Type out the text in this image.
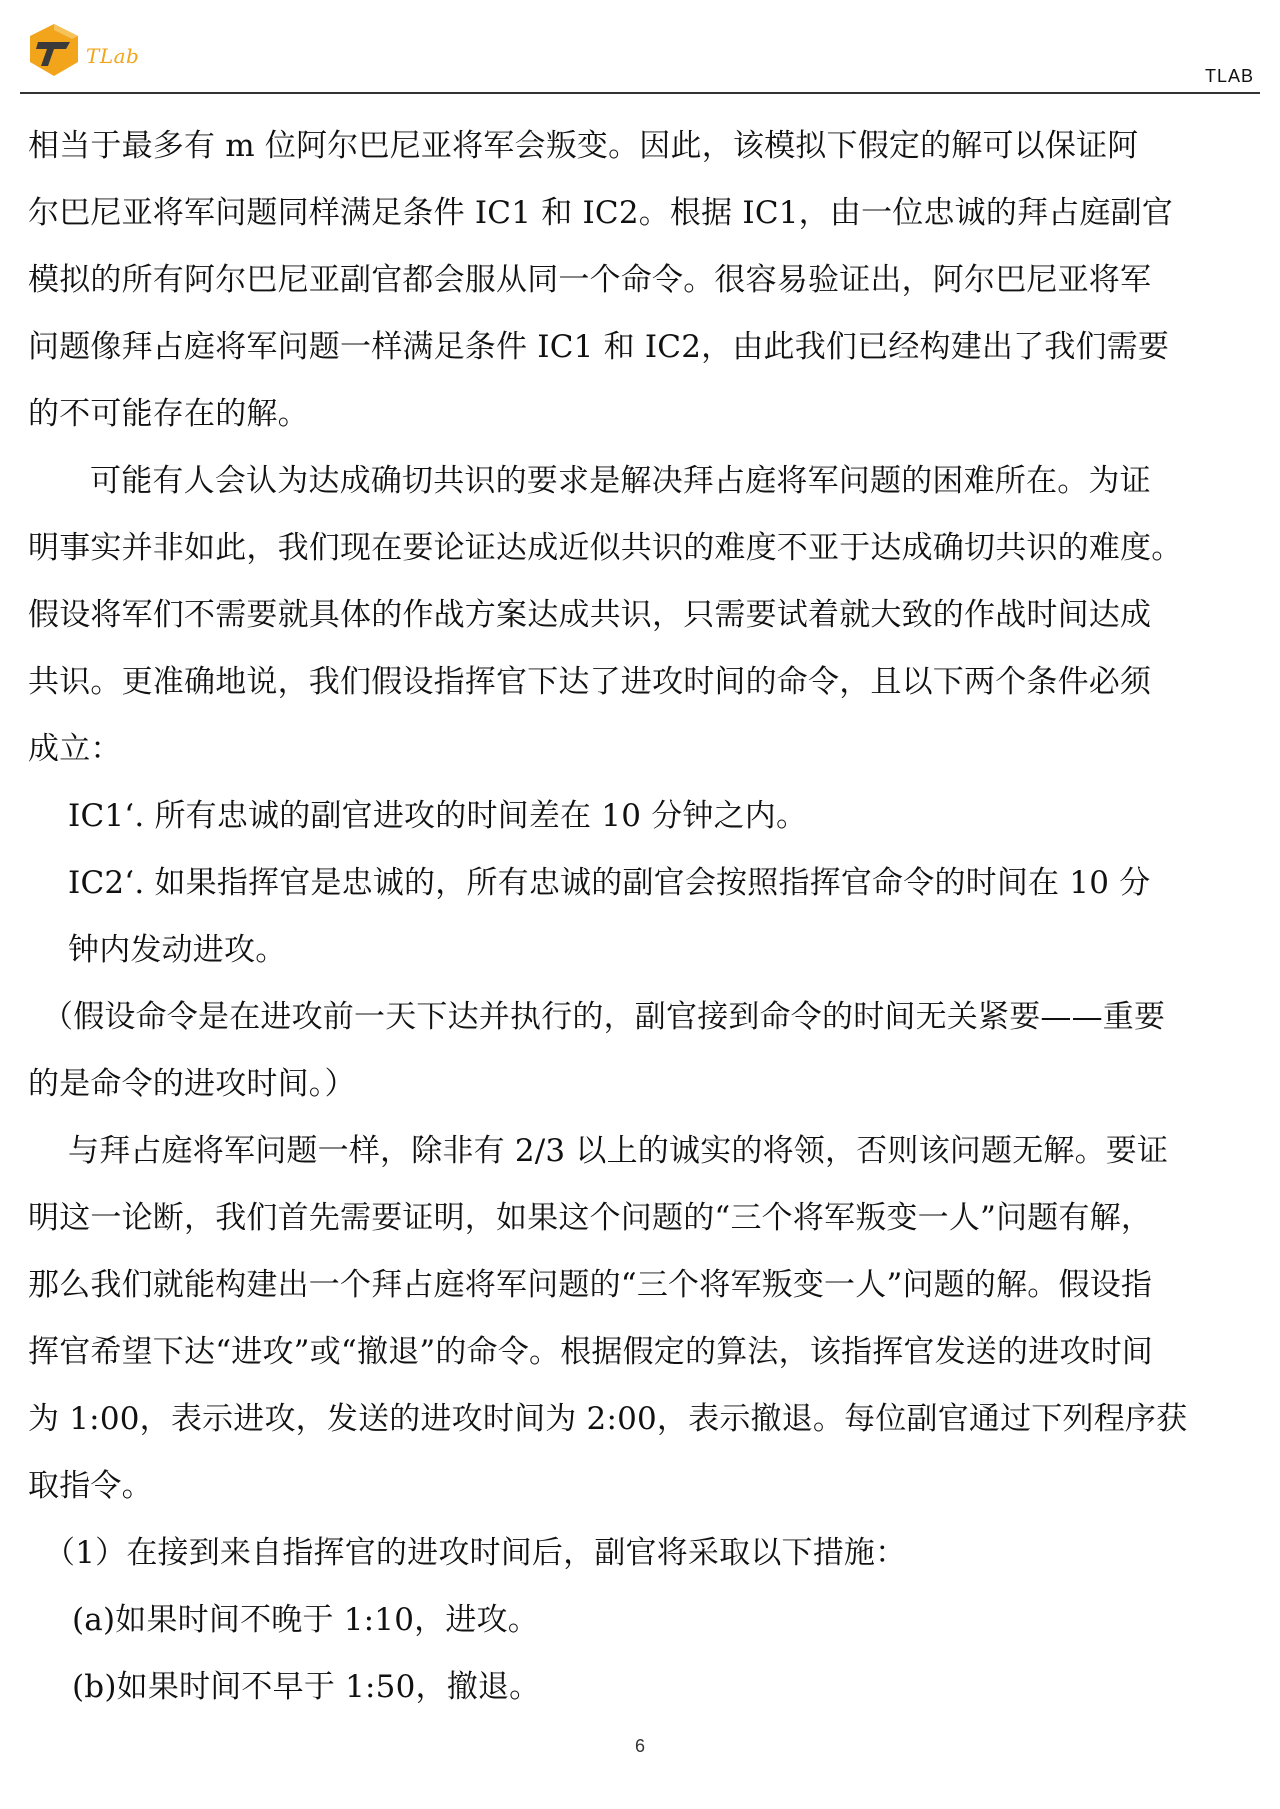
TLab
TLAB
相当于最多有 m 位阿尔巴尼亚将军会叛变。因此，该模拟下假定的解可以保证阿
尔巴尼亚将军问题同样满足条件 IC1 和 IC2。根据 IC1，由一位忠诚的拜占庭副官
模拟的所有阿尔巴尼亚副官都会服从同一个命令。很容易验证出，阿尔巴尼亚将军
问题像拜占庭将军问题一样满足条件 IC1 和 IC2，由此我们已经构建出了我们需要
的不可能存在的解。
可能有人会认为达成确切共识的要求是解决拜占庭将军问题的困难所在。为证
明事实并非如此，我们现在要论证达成近似共识的难度不亚于达成确切共识的难度。
假设将军们不需要就具体的作战方案达成共识，只需要试着就大致的作战时间达成
共识。更准确地说，我们假设指挥官下达了进攻时间的命令，且以下两个条件必须
成立：
IC1‘. 所有忠诚的副官进攻的时间差在 10 分钟之内。
IC2‘. 如果指挥官是忠诚的，所有忠诚的副官会按照指挥官命令的时间在 10 分
钟内发动进攻。
（假设命令是在进攻前一天下达并执行的，副官接到命令的时间无关紧要——重要
的是命令的进攻时间。）
与拜占庭将军问题一样，除非有 2/3 以上的诚实的将领，否则该问题无解。要证
明这一论断，我们首先需要证明，如果这个问题的“三个将军叛变一人”问题有解，
那么我们就能构建出一个拜占庭将军问题的“三个将军叛变一人”问题的解。假设指
挥官希望下达“进攻”或“撤退”的命令。根据假定的算法，该指挥官发送的进攻时间
为 1:00，表示进攻，发送的进攻时间为 2:00，表示撤退。每位副官通过下列程序获
取指令。
（1）在接到来自指挥官的进攻时间后，副官将采取以下措施：
(a)如果时间不晚于 1:10，进攻。
(b)如果时间不早于 1:50，撤退。
6
